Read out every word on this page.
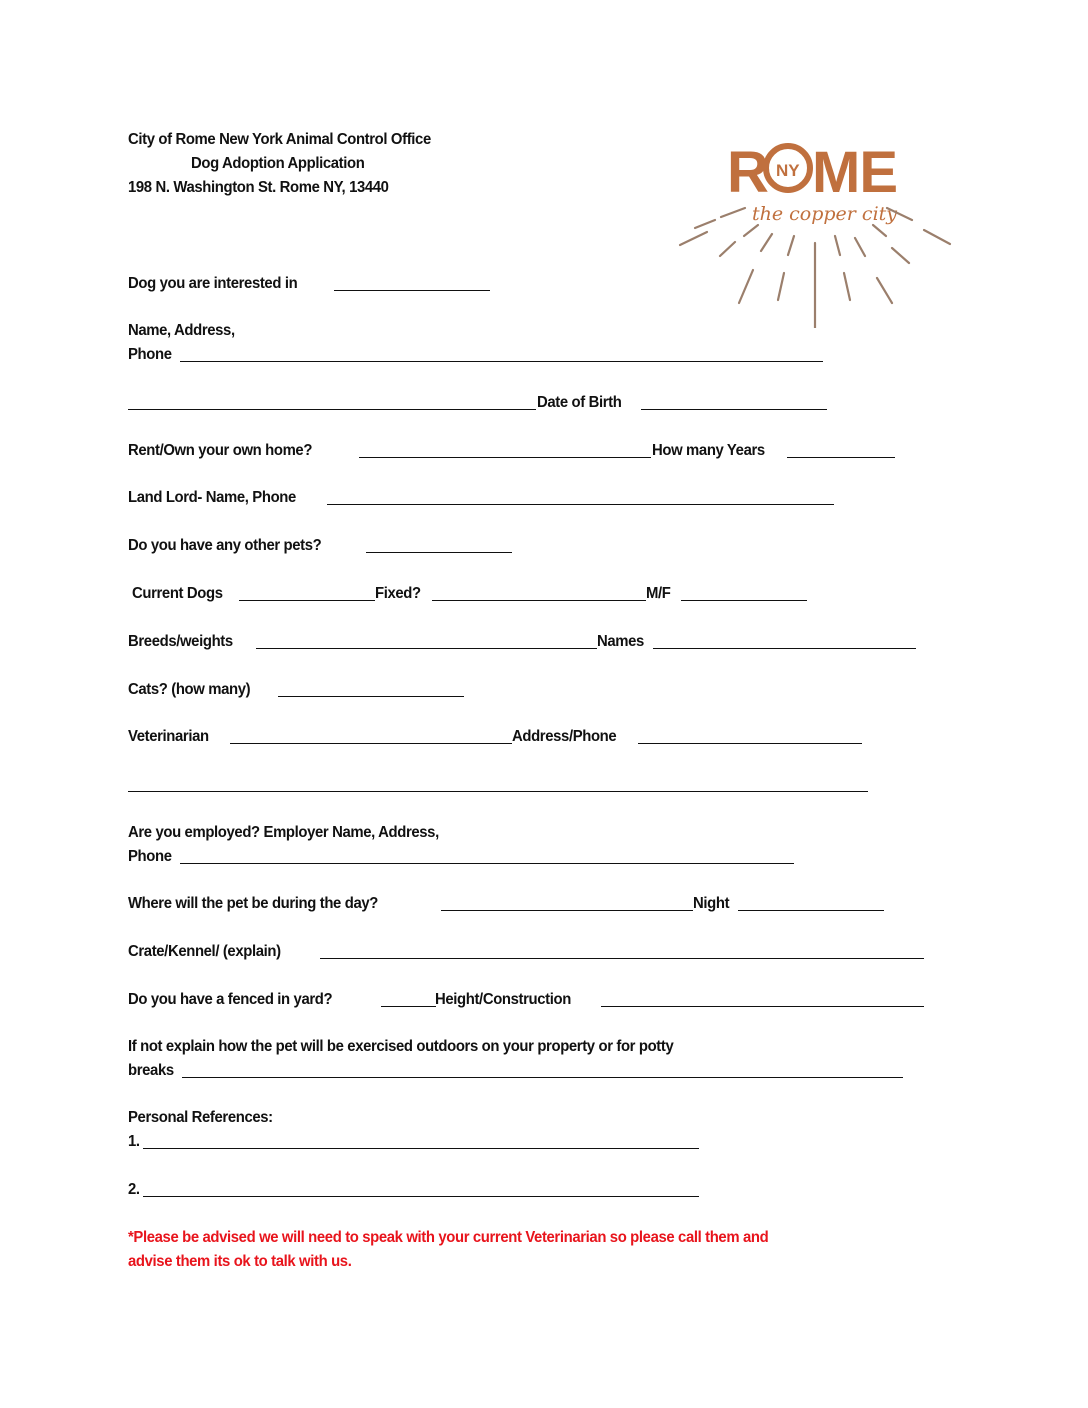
City of Rome New York Animal Control Office
Dog Adoption Application
198 N. Washington St. Rome NY, 13440	R NY ME
the copper city
Dog you are interested in
Name, Address,
Phone
Date of Birth
Rent/Own your own home?	How many Years
Land Lord- Name, Phone
Do you have any other pets?
Current Dogs	Fixed?	M/F
Breeds/weights	Names
Cats? (how many)
Veterinarian	Address/Phone
Are you employed? Employer Name, Address,
Phone
Where will the pet be during the day?	Night
Crate/Kennel/ (explain)
Do you have a fenced in yard?	Height/Construction
If not explain how the pet will be exercised outdoors on your property or for potty
breaks
Personal References:
1.
2.
*Please be advised we will need to speak with your current Veterinarian so please call them and
advise them its ok to talk with us.
